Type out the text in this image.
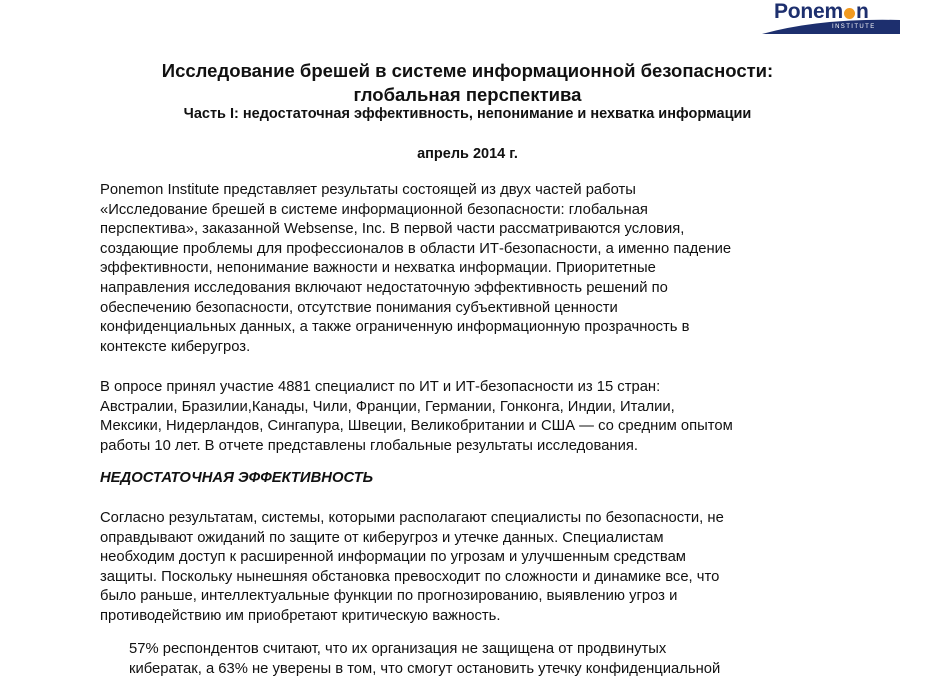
Ponem n
INSTITUTE
Исследование брешей в системе информационной безопасности:
глобальная перспектива
Часть I: недостаточная эффективность, непонимание и нехватка информации
апрель 2014 г.
Ponemon Institute представляет результаты состоящей из двух частей работы
«Исследование брешей в системе информационной безопасности: глобальная
перспектива», заказанной Websense, Inc. В первой части рассматриваются условия,
создающие проблемы для профессионалов в области ИТ-безопасности, а именно падение
эффективности, непонимание важности и нехватка информации. Приоритетные
направления исследования включают недостаточную эффективность решений по
обеспечению безопасности, отсутствие понимания субъективной ценности
конфиденциальных данных, а также ограниченную информационную прозрачность в
контексте киберугроз.
В опросе принял участие 4881 специалист по ИТ и ИТ-безопасности из 15 стран:
Австралии, Бразилии,Канады, Чили, Франции, Германии, Гонконга, Индии, Италии,
Мексики, Нидерландов, Сингапура, Швеции, Великобритании и США — со средним опытом
работы 10 лет. В отчете представлены глобальные результаты исследования.
НЕДОСТАТОЧНАЯ ЭФФЕКТИВНОСТЬ
Согласно результатам, системы, которыми располагают специалисты по безопасности, не
оправдывают ожиданий по защите от киберугроз и утечке данных. Специалистам
необходим доступ к расширенной информации по угрозам и улучшенным средствам
защиты. Поскольку нынешняя обстановка превосходит по сложности и динамике все, что
было раньше, интеллектуальные функции по прогнозированию, выявлению угроз и
противодействию им приобретают критическую важность.
57% респондентов считают, что их организация не защищена от продвинутых
кибератак, а 63% не уверены в том, что смогут остановить утечку конфиденциальной
